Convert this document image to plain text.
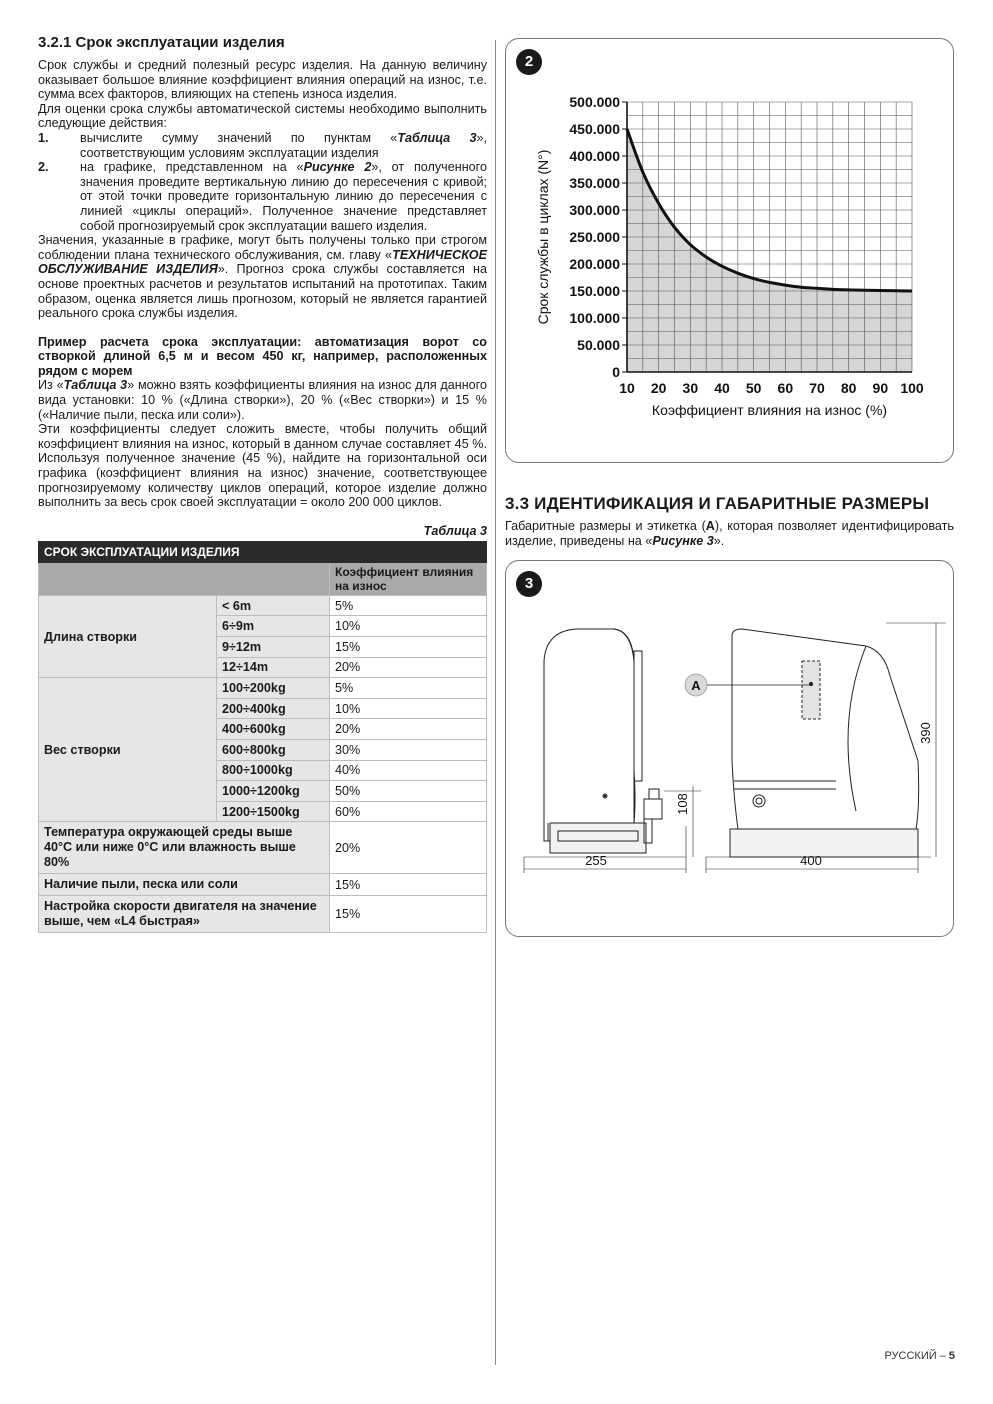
3.2.1 Срок эксплуатации изделия

Срок службы и средний полезный ресурс изделия. На данную величину оказывает большое влияние коэффициент влияния операций на износ, т.е. сумма всех факторов, влияющих на степень износа изделия.

Для оценки срока службы автоматической системы необходимо выполнить следующие действия:

1.	вычислите сумму значений по пунктам «Таблица 3», соответствующим условиям эксплуатации изделия
2.	на графике, представленном на «Рисунке 2», от полученного значения проведите вертикальную линию до пересечения с кривой; от этой точки проведите горизонтальную линию до пересечения с линией «циклы операций». Полученное значение представляет собой прогнозируемый срок эксплуатации вашего изделия.

Значения, указанные в графике, могут быть получены только при строгом соблюдении плана технического обслуживания, см. главу «ТЕХНИЧЕСКОЕ ОБСЛУЖИВАНИЕ ИЗДЕЛИЯ». Прогноз срока службы составляется на основе проектных расчетов и результатов испытаний на прототипах. Таким образом, оценка является лишь прогнозом, который не является гарантией реального срока службы изделия.

Пример расчета срока эксплуатации: автоматизация ворот со створкой длиной 6,5 м и весом 450 кг, например, расположенных рядом с морем

Из «Таблица 3» можно взять коэффициенты влияния на износ для данного вида установки: 10 % («Длина створки»), 20 % («Вес створки») и 15 % («Наличие пыли, песка или соли»).

Эти коэффициенты следует сложить вместе, чтобы получить общий коэффициент влияния на износ, который в данном случае составляет 45 %. Используя полученное значение (45 %), найдите на горизонтальной оси графика (коэффициент влияния на износ) значение, соответствующее прогнозируемому количеству циклов операций, которое изделие должно выполнить за весь срок своей эксплуатации = около 200 000 циклов.

Таблица 3
СРОК ЭКСПЛУАТАЦИИ ИЗДЕЛИЯ		
		Коэффициент влияния на износ
Длина створки	< 6m	5%
	6÷9m	10%
	9÷12m	15%
	12÷14m	20%
Вес створки	100÷200kg	5%
	200÷400kg	10%
	400÷600kg	20%
	600÷800kg	30%
	800÷1000kg	40%
	1000÷1200kg	50%
	1200÷1500kg	60%
Температура окружающей среды выше 40°C или ниже 0°C или влажность выше 80%		20%
Наличие пыли, песка или соли		15%
Настройка скорости двигателя на значение выше, чем «L4 быстрая»		15%
2
0
50.000
100.000
150.000
200.000
250.000
300.000
350.000
400.000
450.000
500.000
10 20 30 40 50 60 70 80 90 100
Коэффициент влияния на износ (%)
Срок службы в циклах (N°)
3.3 ИДЕНТИФИКАЦИЯ И ГАБАРИТНЫЕ РАЗМЕРЫ

Габаритные размеры и этикетка (A), которая позволяет идентифицировать изделие, приведены на «Рисунке 3».

3
A
255	400
390
108
РУССКИЙ – 5
